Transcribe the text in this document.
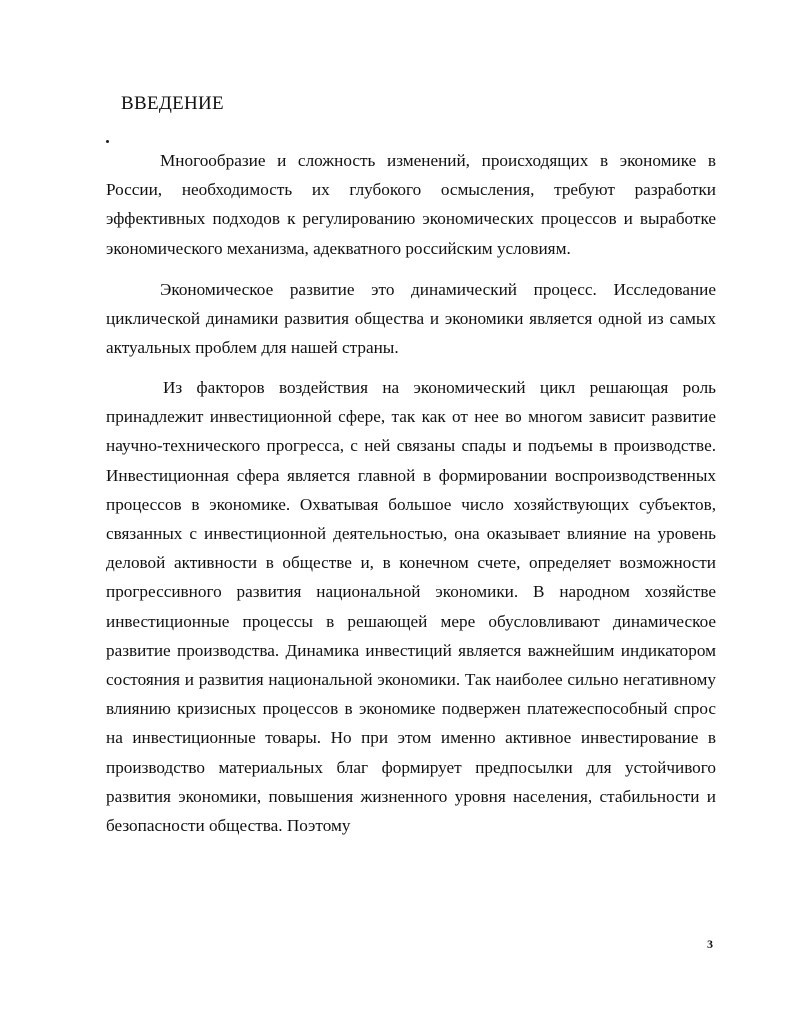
ВВЕДЕНИЕ

Многообразие и сложность изменений, происходящих в экономике в России, необходимость их глубокого осмысления, требуют разработки эффективных подходов к регулированию экономических процессов и выработке экономического механизма, адекватного российским условиям.

Экономическое развитие это динамический процесс. Исследование циклической динамики развития общества и экономики является одной из самых актуальных проблем для нашей страны.

Из факторов воздействия на экономический цикл решающая роль принадлежит инвестиционной сфере, так как от нее во многом зависит развитие научно-технического прогресса, с ней связаны спады и подъемы в производстве. Инвестиционная сфера является главной в формировании воспроизводственных процессов в экономике. Охватывая большое число хозяйствующих субъектов, связанных с инвестиционной деятельностью, она оказывает влияние на уровень деловой активности в обществе и, в конечном счете, определяет возможности прогрессивного развития национальной экономики. В народном хозяйстве инвестиционные процессы в решающей мере обусловливают динамическое развитие производства. Динамика инвестиций является важнейшим индикатором состояния и развития национальной экономики. Так наиболее сильно негативному влиянию кризисных процессов в экономике подвержен платежеспособный спрос на инвестиционные товары. Но при этом именно активное инвестирование в производство материальных благ формирует предпосылки для устойчивого развития экономики, повышения жизненного уровня населения, стабильности и безопасности общества. Поэтому

3
